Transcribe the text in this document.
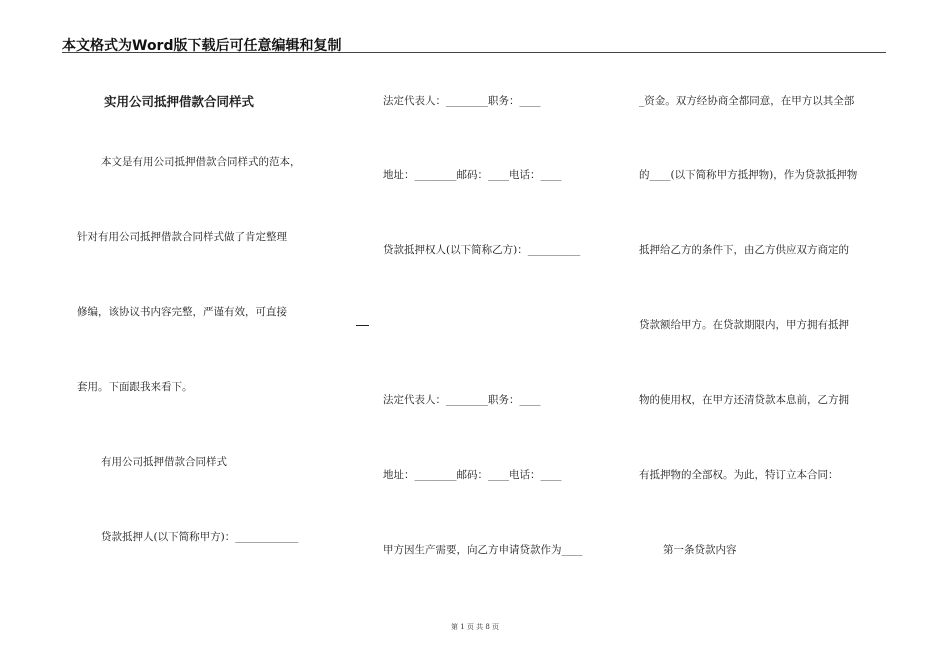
本文格式为Word版下载后可任意编辑和复制
实用公司抵押借款合同样式
本文是有用公司抵押借款合同样式的范本，
针对有用公司抵押借款合同样式做了肯定整理
修编，该协议书内容完整，严谨有效，可直接
套用。下面跟我来看下。
有用公司抵押借款合同样式
贷款抵押人(以下简称甲方)：____________
法定代表人：________职务：____
地址：________邮码：____电话：____
贷款抵押权人(以下简称乙方)：__________
法定代表人：________职务：____
地址：________邮码：____电话：____
甲方因生产需要，向乙方申请贷款作为____
_资金。双方经协商全都同意，在甲方以其全部
的____(以下简称甲方抵押物)，作为贷款抵押物
抵押给乙方的条件下，由乙方供应双方商定的
贷款额给甲方。在贷款期限内，甲方拥有抵押
物的使用权，在甲方还清贷款本息前，乙方拥
有抵押物的全部权。为此，特订立本合同：
第一条贷款内容
第 1 页 共 8 页
